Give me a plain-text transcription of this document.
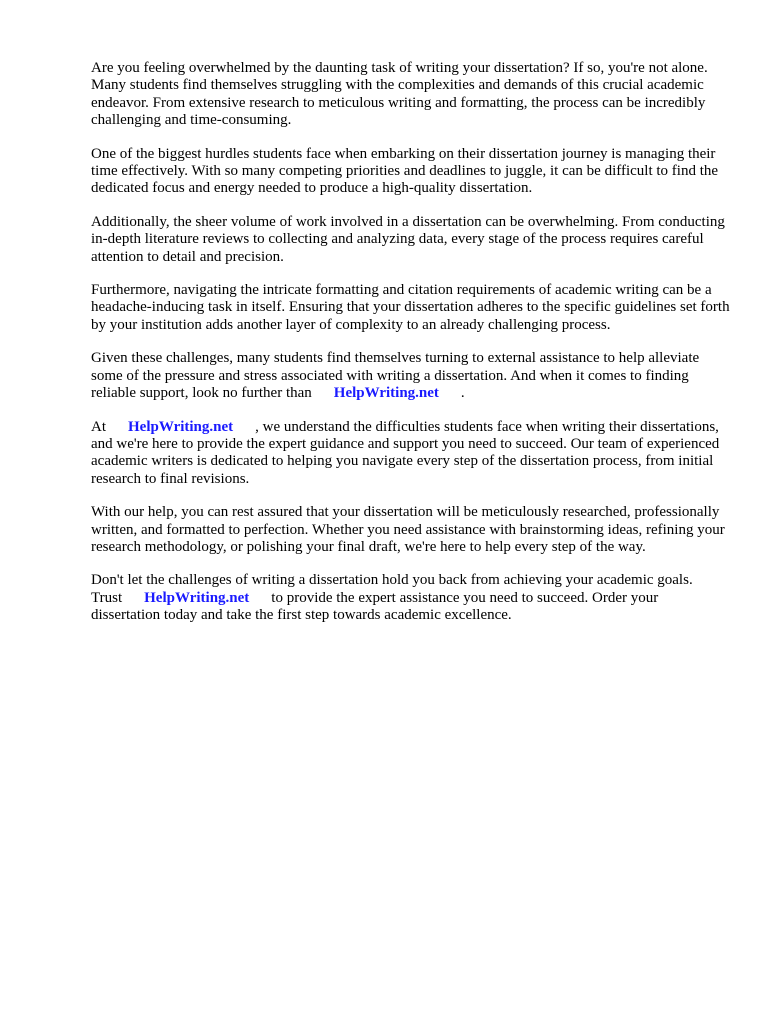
Are you feeling overwhelmed by the daunting task of writing your dissertation? If so, you're not alone. Many students find themselves struggling with the complexities and demands of this crucial academic endeavor. From extensive research to meticulous writing and formatting, the process can be incredibly challenging and time-consuming.

One of the biggest hurdles students face when embarking on their dissertation journey is managing their time effectively. With so many competing priorities and deadlines to juggle, it can be difficult to find the dedicated focus and energy needed to produce a high-quality dissertation.

Additionally, the sheer volume of work involved in a dissertation can be overwhelming. From conducting in-depth literature reviews to collecting and analyzing data, every stage of the process requires careful attention to detail and precision.

Furthermore, navigating the intricate formatting and citation requirements of academic writing can be a headache-inducing task in itself. Ensuring that your dissertation adheres to the specific guidelines set forth by your institution adds another layer of complexity to an already challenging process.

Given these challenges, many students find themselves turning to external assistance to help alleviate some of the pressure and stress associated with writing a dissertation. And when it comes to finding reliable support, look no further than HelpWriting.net .

At HelpWriting.net , we understand the difficulties students face when writing their dissertations, and we're here to provide the expert guidance and support you need to succeed. Our team of experienced academic writers is dedicated to helping you navigate every step of the dissertation process, from initial research to final revisions.

With our help, you can rest assured that your dissertation will be meticulously researched, professionally written, and formatted to perfection. Whether you need assistance with brainstorming ideas, refining your research methodology, or polishing your final draft, we're here to help every step of the way.

Don't let the challenges of writing a dissertation hold you back from achieving your academic goals.
Trust HelpWriting.net to provide the expert assistance you need to succeed. Order your dissertation today and take the first step towards academic excellence.
